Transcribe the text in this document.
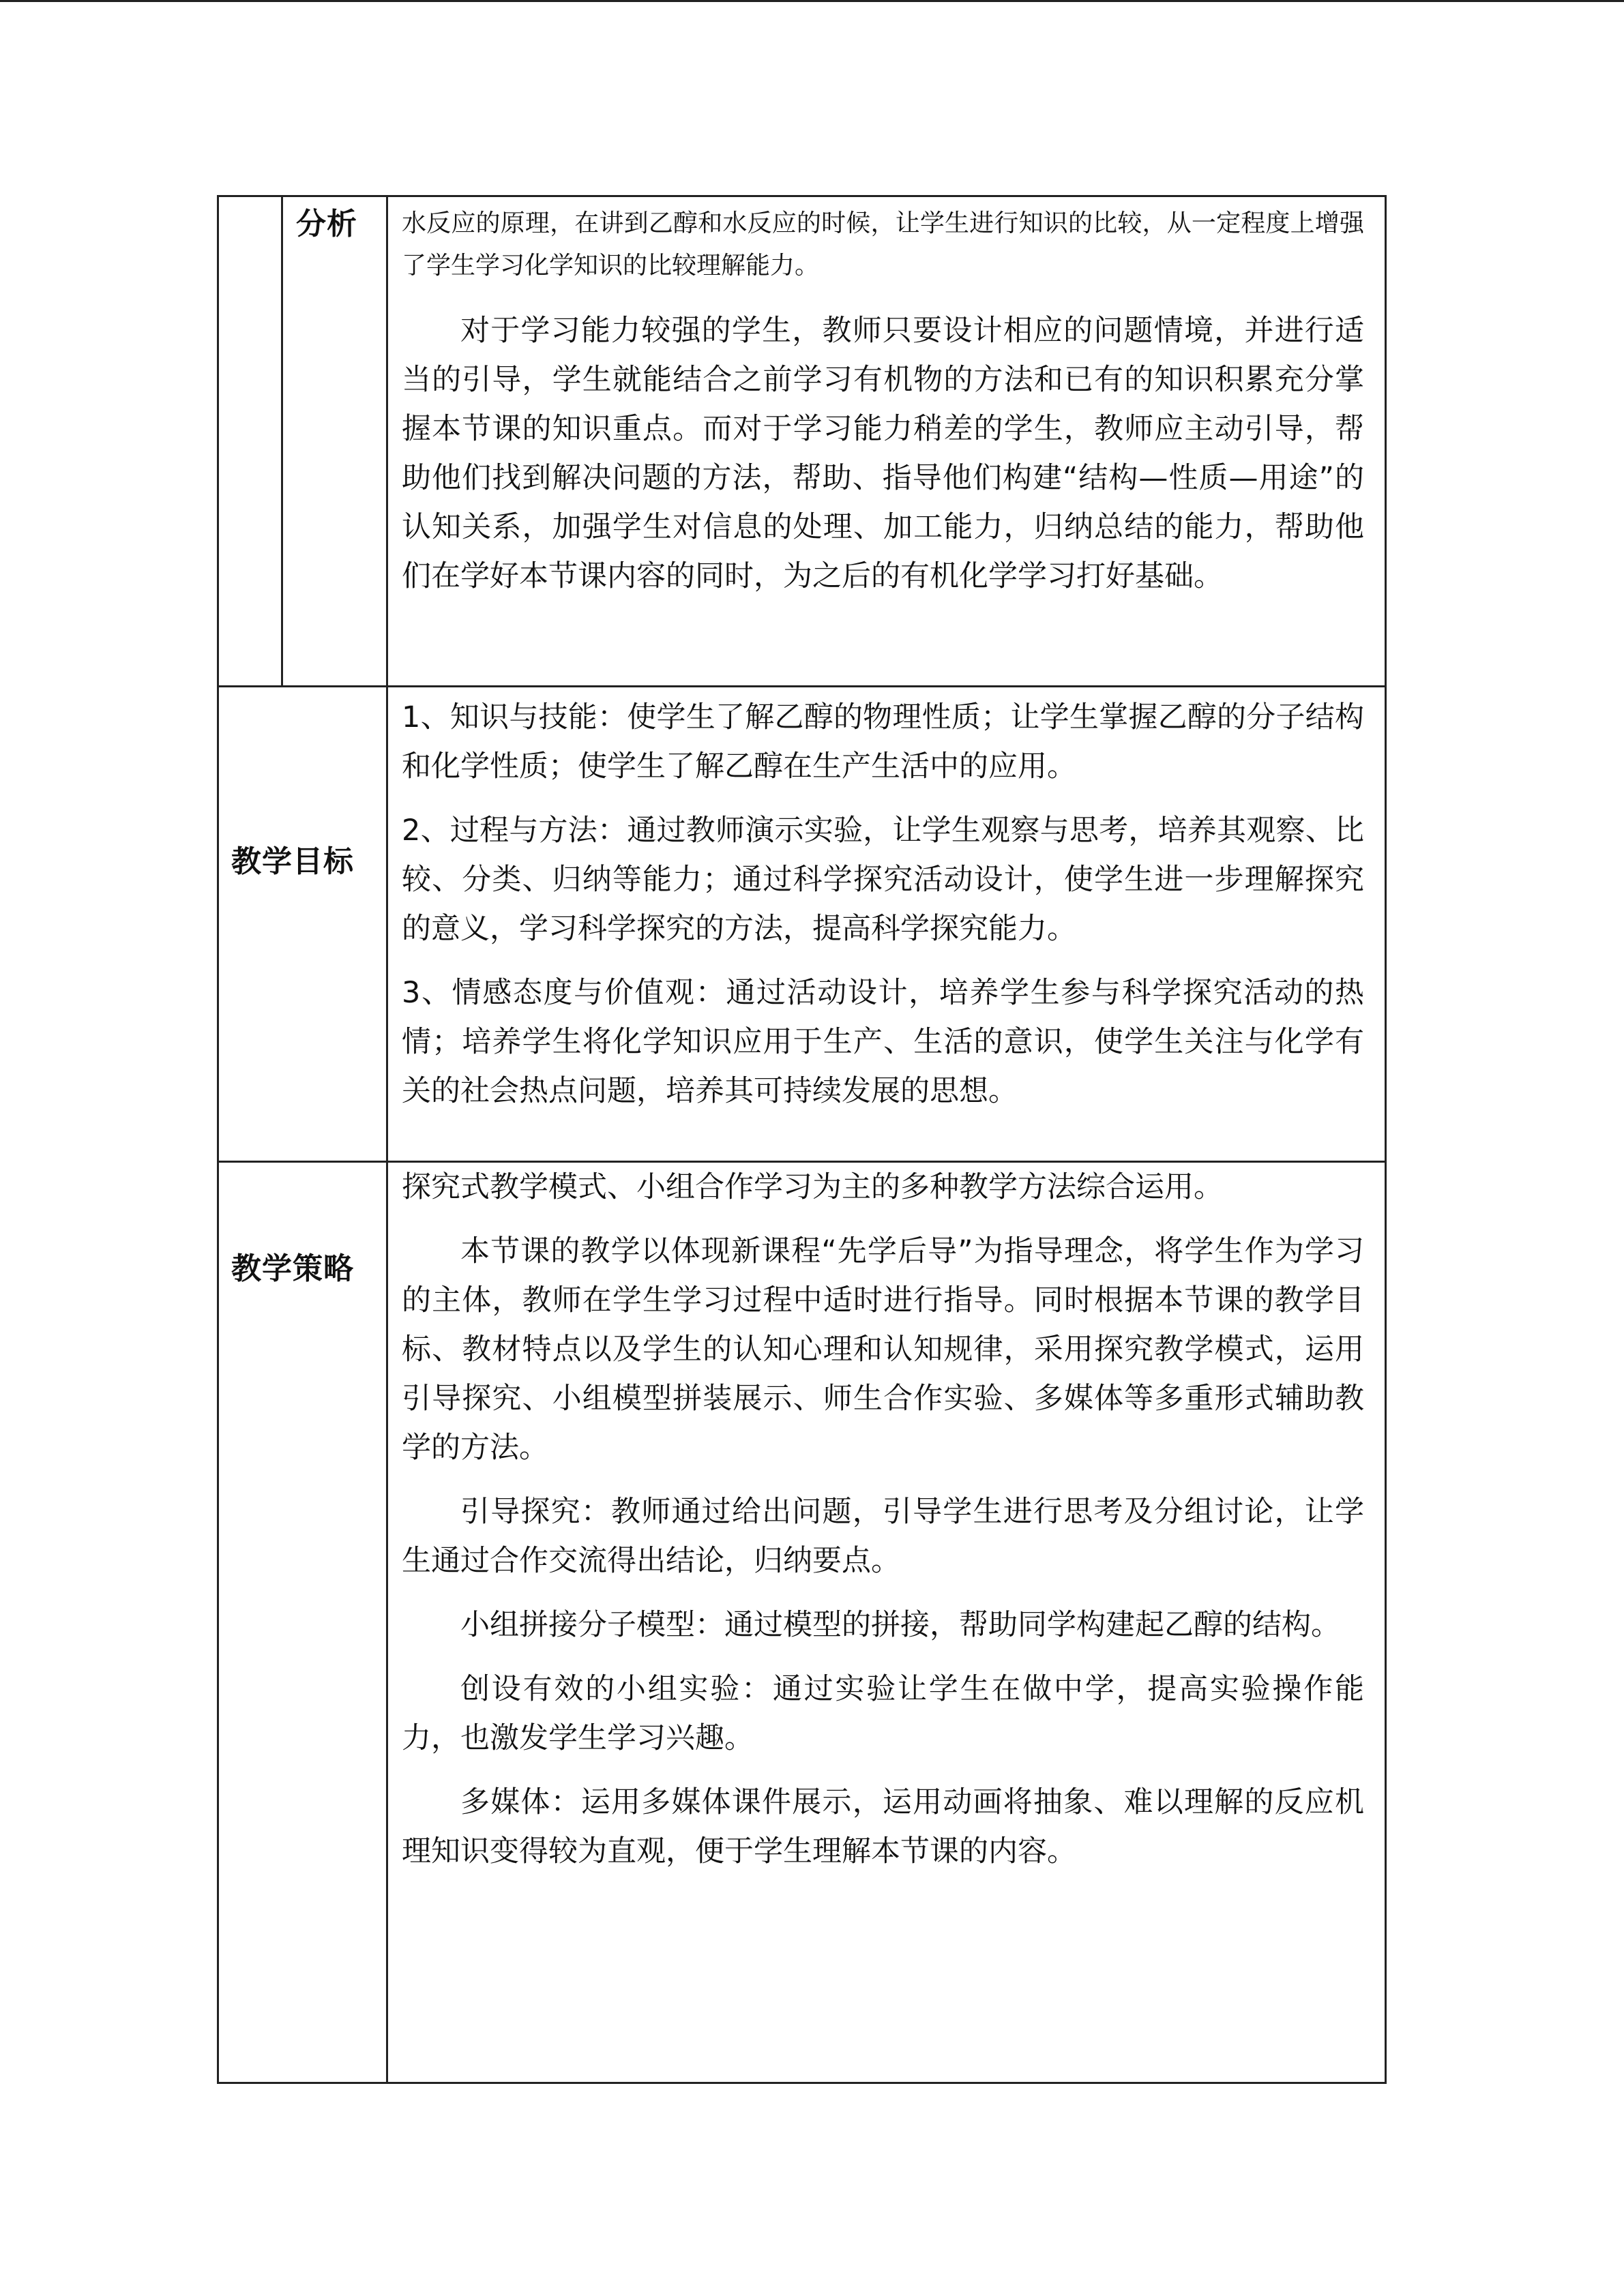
分析 水反应的原理，在讲到乙醇和水反应的时候，让学生进行知识的比较，从一定程度上增强了学生学习化学知识的比较理解能力。

对于学习能力较强的学生，教师只要设计相应的问题情境，并进行适当的引导，学生就能结合之前学习有机物的方法和已有的知识积累充分掌握本节课的知识重点。而对于学习能力稍差的学生，教师应主动引导，帮助他们找到解决问题的方法，帮助、指导他们构建“结构—性质—用途”的认知关系，加强学生对信息的处理、加工能力，归纳总结的能力，帮助他们在学好本节课内容的同时，为之后的有机化学学习打好基础。

教学目标

1、知识与技能：使学生了解乙醇的物理性质；让学生掌握乙醇的分子结构和化学性质；使学生了解乙醇在生产生活中的应用。

2、过程与方法：通过教师演示实验，让学生观察与思考，培养其观察、比较、分类、归纳等能力；通过科学探究活动设计，使学生进一步理解探究的意义，学习科学探究的方法，提高科学探究能力。

3、情感态度与价值观：通过活动设计，培养学生参与科学探究活动的热情；培养学生将化学知识应用于生产、生活的意识，使学生关注与化学有关的社会热点问题，培养其可持续发展的思想。

教学策略

探究式教学模式、小组合作学习为主的多种教学方法综合运用。

本节课的教学以体现新课程“先学后导”为指导理念，将学生作为学习的主体，教师在学生学习过程中适时进行指导。同时根据本节课的教学目标、教材特点以及学生的认知心理和认知规律，采用探究教学模式，运用引导探究、小组模型拼装展示、师生合作实验、多媒体等多重形式辅助教学的方法。

引导探究：教师通过给出问题，引导学生进行思考及分组讨论，让学生通过合作交流得出结论，归纳要点。

小组拼接分子模型：通过模型的拼接，帮助同学构建起乙醇的结构。

创设有效的小组实验：通过实验让学生在做中学，提高实验操作能力，也激发学生学习兴趣。

多媒体：运用多媒体课件展示，运用动画将抽象、难以理解的反应机理知识变得较为直观，便于学生理解本节课的内容。
